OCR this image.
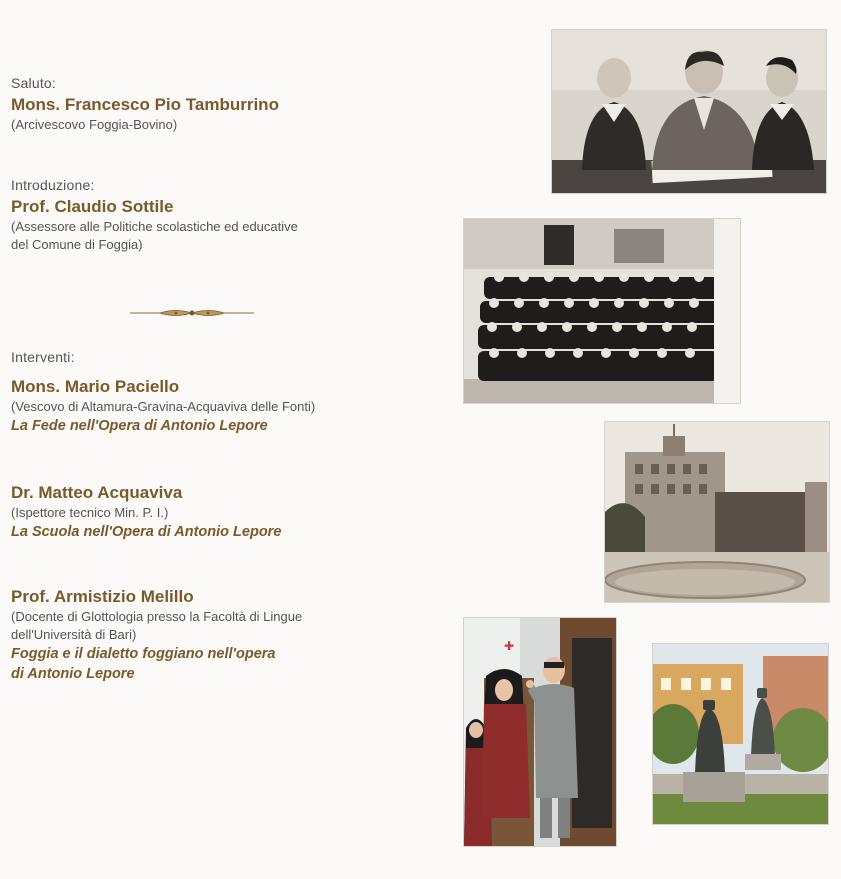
Saluto:
Mons. Francesco Pio Tamburrino
(Arcivescovo Foggia-Bovino)
Introduzione:
Prof. Claudio Sottile
(Assessore alle Politiche scolastiche ed educative
del Comune di Foggia)
Interventi:
Mons. Mario Paciello
(Vescovo di Altamura-Gravina-Acquaviva delle Fonti)
La Fede nell'Opera di Antonio Lepore
Dr. Matteo Acquaviva
(Ispettore tecnico Min. P. I.)
La Scuola nell'Opera di Antonio Lepore
Prof. Armistizio Melillo
(Docente di Glottologia presso la Facoltà di Lingue
dell'Università di Bari)
Foggia e il dialetto foggiano nell'opera
di Antonio Lepore
✚
